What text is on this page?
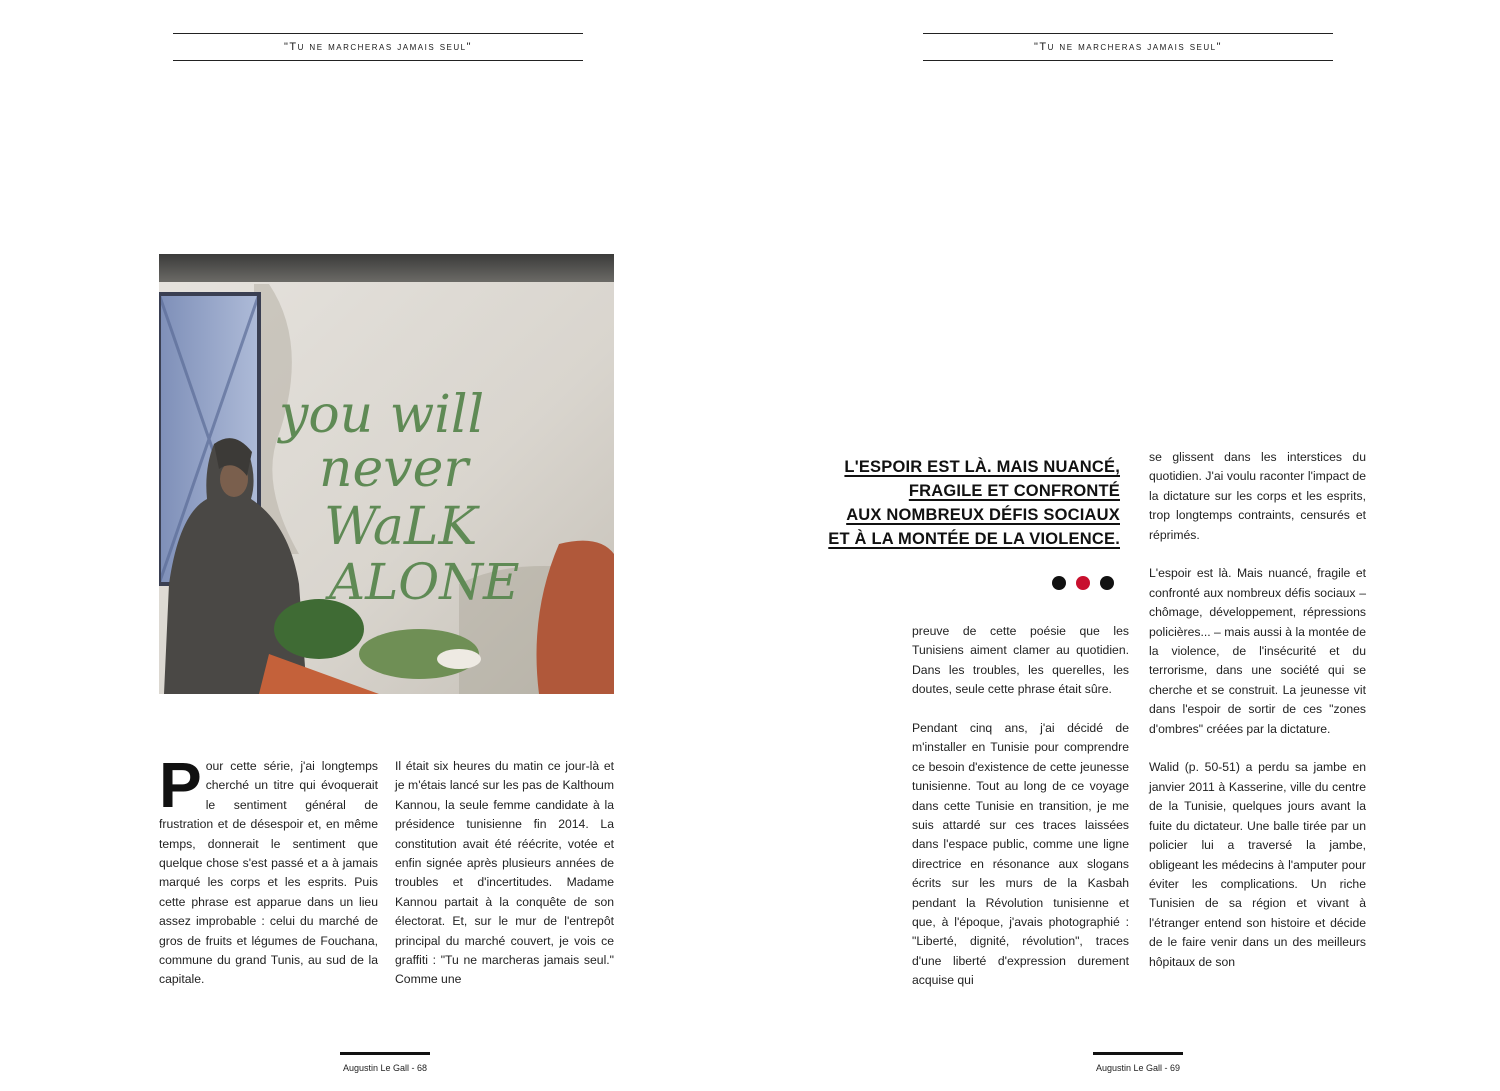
"Tu ne marcheras jamais seul"
you will
never
WaLK
ALONE

Pour cette série, j'ai longtemps cherché un titre qui évoquerait le sentiment général de frustration et de désespoir et, en même temps, donnerait le sentiment que quelque chose s'est passé et a à jamais marqué les corps et les esprits. Puis cette phrase est apparue dans un lieu assez improbable : celui du marché de gros de fruits et légumes de Fouchana, commune du grand Tunis, au sud de la capitale.

Il était six heures du matin ce jour-là et je m'étais lancé sur les pas de Kalthoum Kannou, la seule femme candidate à la présidence tunisienne fin 2014. La constitution avait été réécrite, votée et enfin signée après plusieurs années de troubles et d'incertitudes. Madame Kannou partait à la conquête de son électorat. Et, sur le mur de l'entrepôt principal du marché couvert, je vois ce graffiti : "Tu ne marcheras jamais seul." Comme une

Augustin Le Gall - 68
"Tu ne marcheras jamais seul"
L'ESPOIR EST LÀ. MAIS NUANCÉ,
FRAGILE ET CONFRONTÉ
AUX NOMBREUX DÉFIS SOCIAUX
ET À LA MONTÉE DE LA VIOLENCE.

preuve de cette poésie que les Tunisiens aiment clamer au quotidien. Dans les troubles, les querelles, les doutes, seule cette phrase était sûre.

Pendant cinq ans, j'ai décidé de m'installer en Tunisie pour comprendre ce besoin d'existence de cette jeunesse tunisienne. Tout au long de ce voyage dans cette Tunisie en transition, je me suis attardé sur ces traces laissées dans l'espace public, comme une ligne directrice en résonance aux slogans écrits sur les murs de la Kasbah pendant la Révolution tunisienne et que, à l'époque, j'avais photographié : "Liberté, dignité, révolution", traces d'une liberté d'expression durement acquise qui

se glissent dans les interstices du quotidien. J'ai voulu raconter l'impact de la dictature sur les corps et les esprits, trop longtemps contraints, censurés et réprimés.

L'espoir est là. Mais nuancé, fragile et confronté aux nombreux défis sociaux – chômage, développement, répressions policières... – mais aussi à la montée de la violence, de l'insécurité et du terrorisme, dans une société qui se cherche et se construit. La jeunesse vit dans l'espoir de sortir de ces "zones d'ombres" créées par la dictature.

Walid (p. 50-51) a perdu sa jambe en janvier 2011 à Kasserine, ville du centre de la Tunisie, quelques jours avant la fuite du dictateur. Une balle tirée par un policier lui a traversé la jambe, obligeant les médecins à l'amputer pour éviter les complications. Un riche Tunisien de sa région et vivant à l'étranger entend son histoire et décide de le faire venir dans un des meilleurs hôpitaux de son

Augustin Le Gall - 69
